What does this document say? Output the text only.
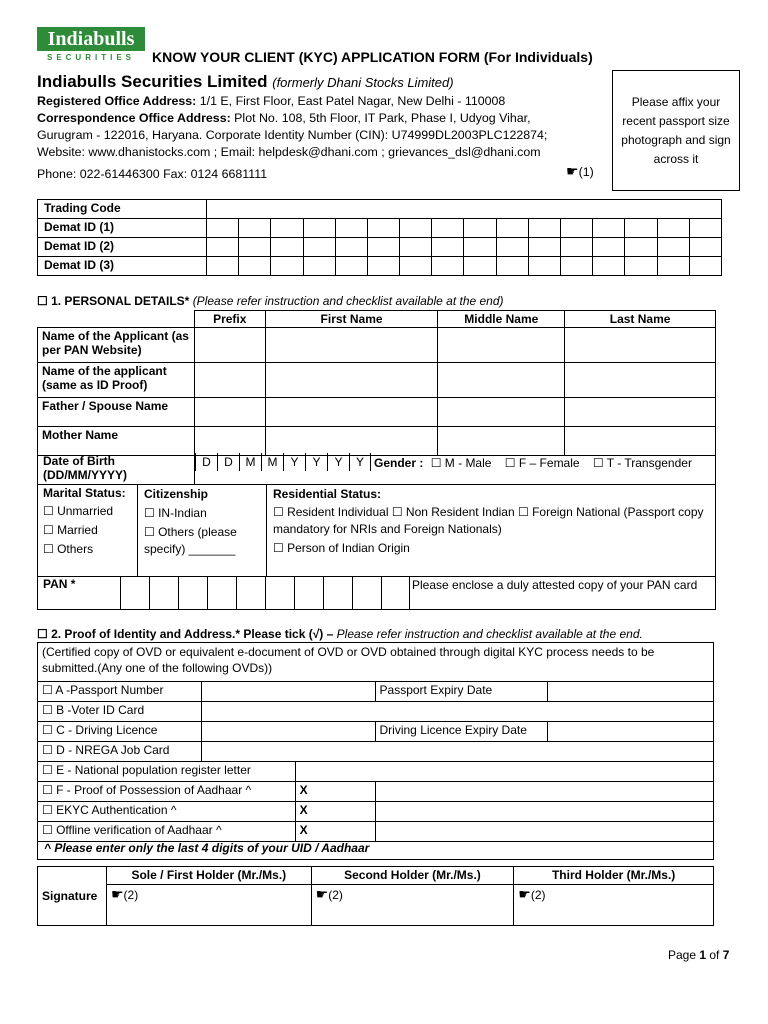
Indiabulls
SECURITIES	KNOW YOUR CLIENT (KYC) APPLICATION FORM (For Individuals)
Indiabulls Securities Limited (formerly Dhani Stocks Limited)
Registered Office Address: 1/1 E, First Floor, East Patel Nagar, New Delhi - 110008
Correspondence Office Address: Plot No. 108, 5th Floor, IT Park, Phase I, Udyog Vihar,
Gurugram - 122016, Haryana. Corporate Identity Number (CIN): U74999DL2003PLC122874;
Website: www.dhanistocks.com ; Email: helpdesk@dhani.com ; grievances_dsl@dhani.com
Phone: 022-61446300 Fax: 0124 6681111	☛(1)
Please affix your recent passport size photograph and sign across it
Trading Code																
Demat ID (1)																
Demat ID (2)																
Demat ID (3)																
☐ 1. PERSONAL DETAILS* (Please refer instruction and checklist available at the end)
	Prefix	First Name	Middle Name	Last Name
Name of the Applicant (as per PAN Website)				
Name of the applicant (same as ID Proof)				
Father / Spouse Name				
Mother Name				
Date of Birth (DD/MM/YYYY)
D	D	M	M	Y	Y	Y	Y Gender : ☐ M - Male ☐ F – Female ☐ T - Transgender
Marital Status:
☐ Unmarried
☐ Married
☐ Others
Citizenship
☐ IN-Indian
☐ Others (please specify) _______
Residential Status:
☐ Resident Individual ☐ Non Resident Indian ☐ Foreign National (Passport copy mandatory for NRIs and Foreign Nationals)
☐ Person of Indian Origin
PAN *	Please enclose a duly attested copy of your PAN card
☐ 2. Proof of Identity and Address.* Please tick (√) – Please refer instruction and checklist available at the end.
(Certified copy of OVD or equivalent e-document of OVD or OVD obtained through digital KYC process needs to be submitted.(Any one of the following OVDs))
☐ A -Passport Number			Passport Expiry Date	
☐ B -Voter ID Card				
☐ C - Driving Licence			Driving Licence Expiry Date	
☐ D - NREGA Job Card				
☐ E - National population register letter				
☐ F - Proof of Possession of Aadhaar ^		X		
☐ EKYC Authentication ^		X		
☐ Offline verification of Aadhaar ^		X		
^ Please enter only the last 4 digits of your UID / Aadhaar
Signature	Sole / First Holder (Mr./Ms.)	Second Holder (Mr./Ms.)	Third Holder (Mr./Ms.)
	☛(2)	☛(2)	☛(2)
Page 1 of 7
